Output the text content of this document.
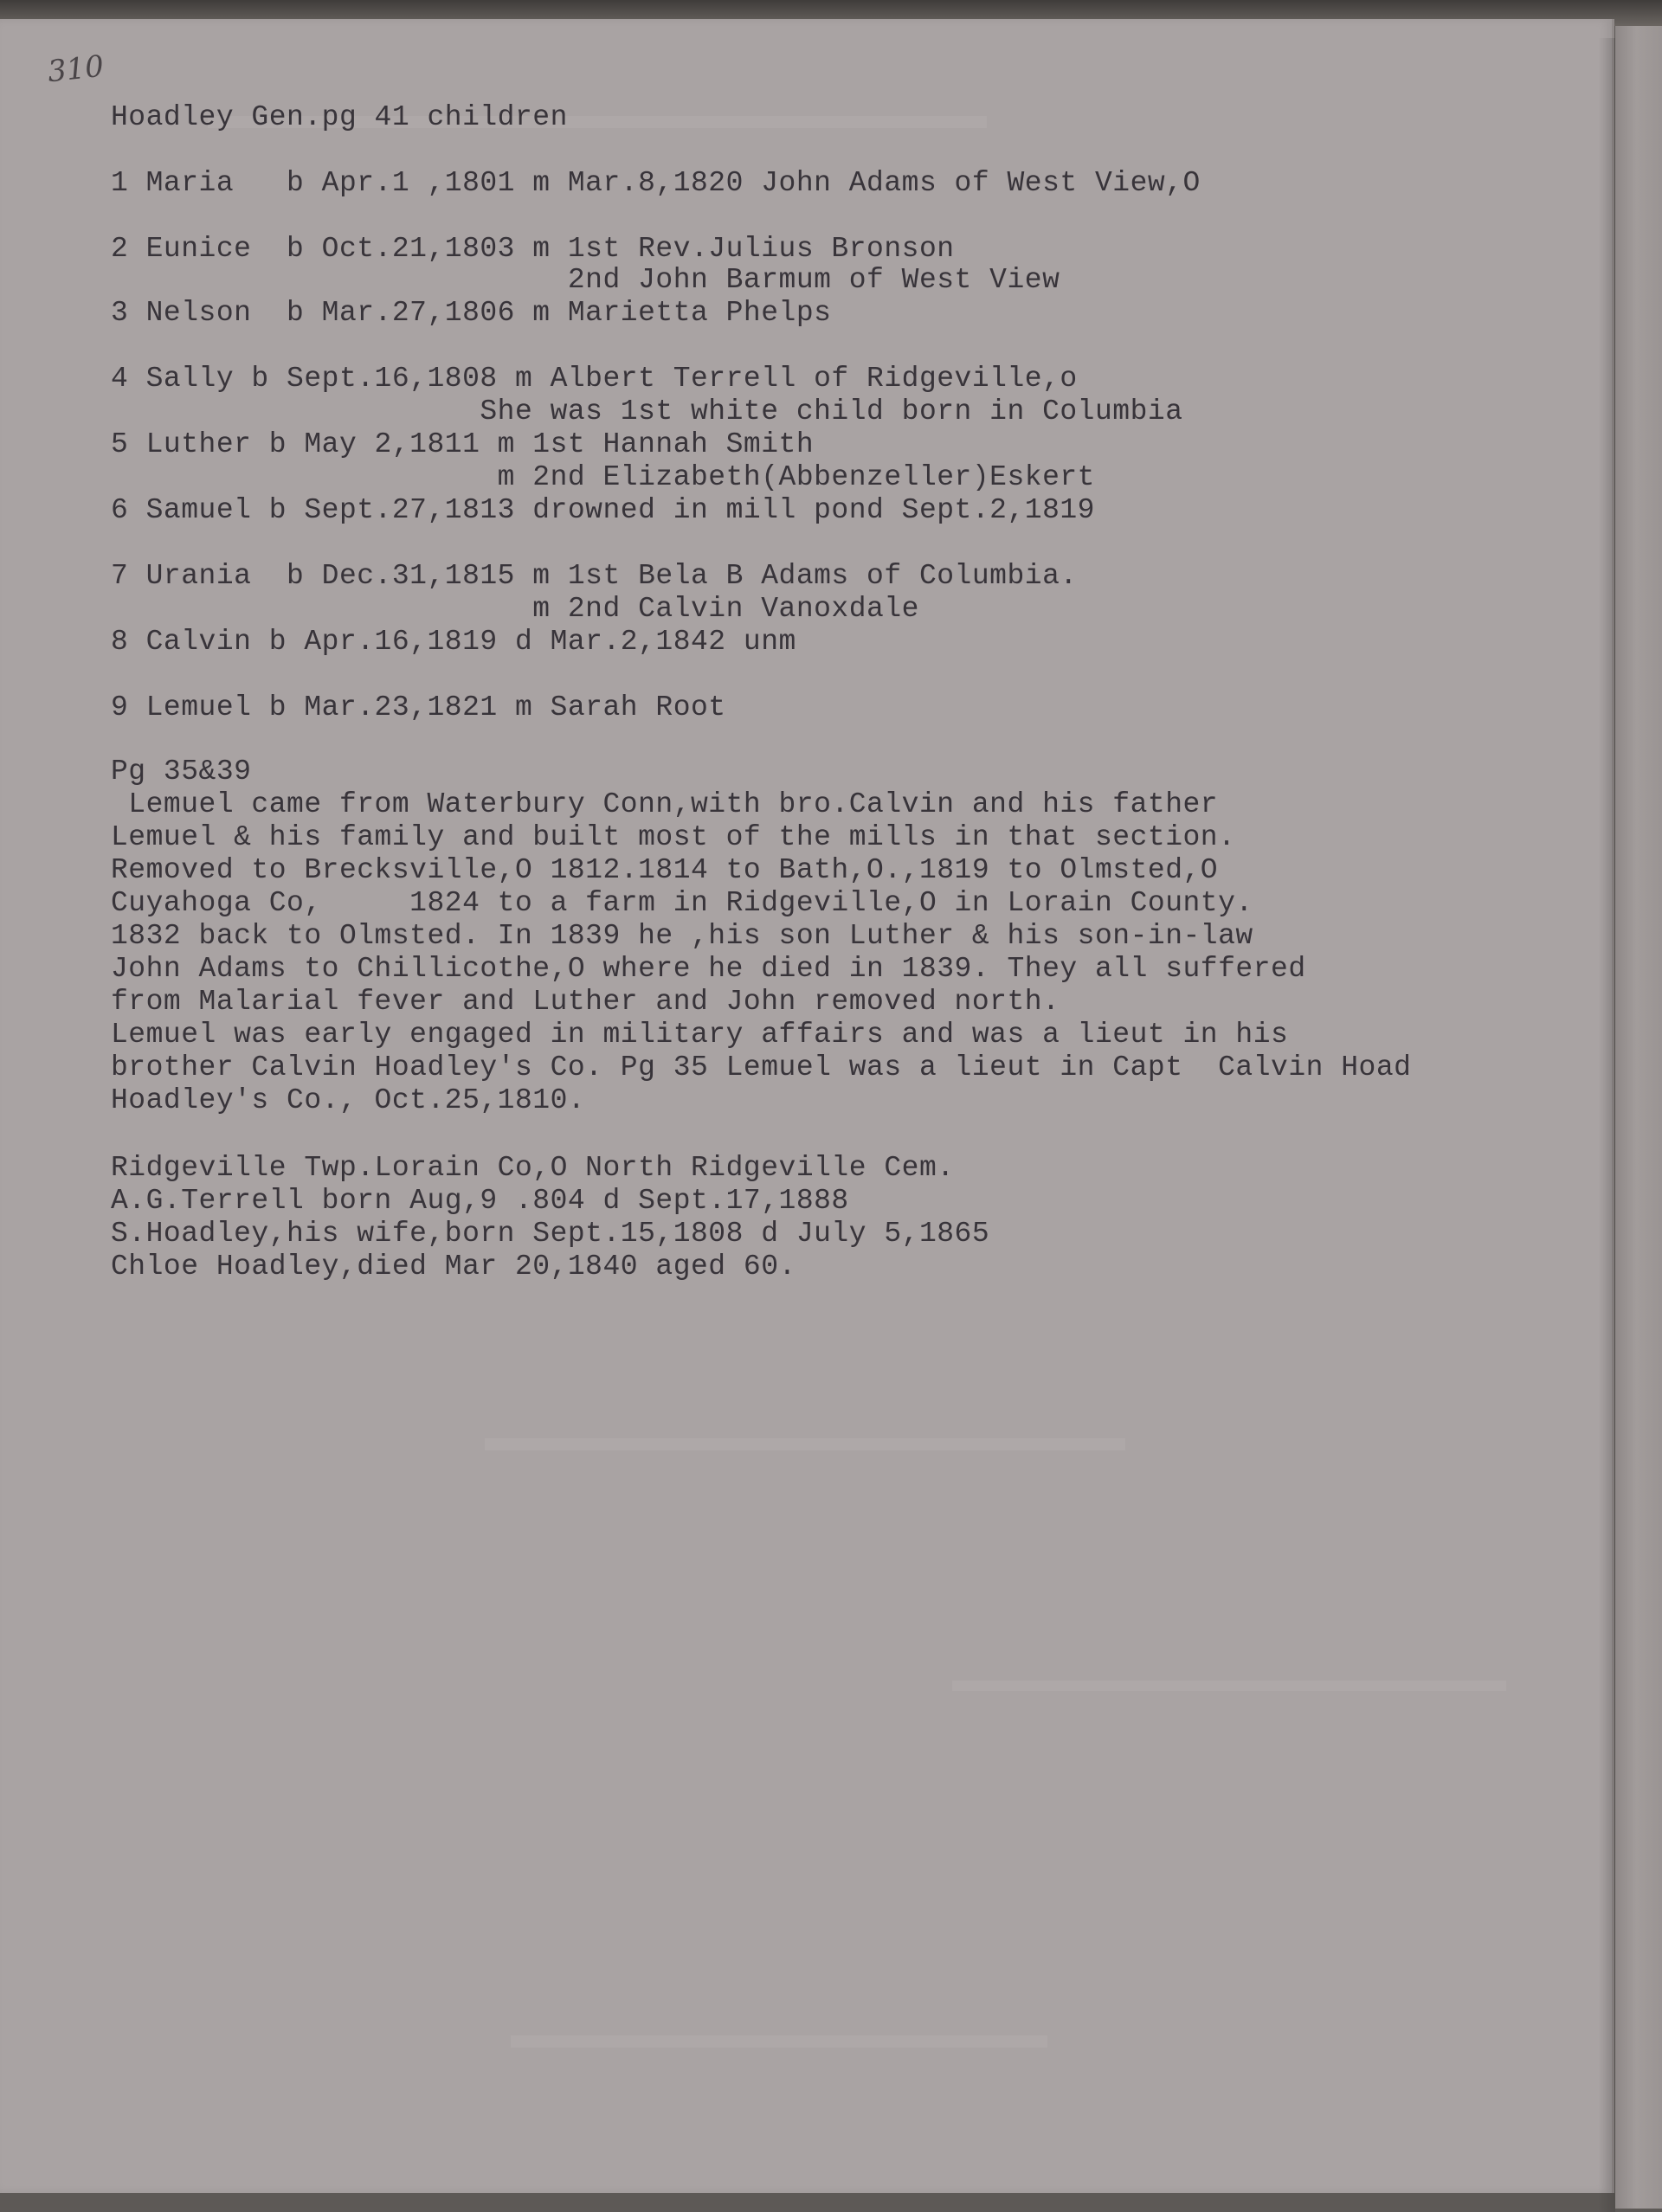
310
Hoadley Gen.pg 41 children
1 Maria   b Apr.1 ,1801 m Mar.8,1820 John Adams of West View,O
2 Eunice  b Oct.21,1803 m 1st Rev.Julius Bronson
2nd John Barmum of West View
3 Nelson  b Mar.27,1806 m Marietta Phelps
4 Sally b Sept.16,1808 m Albert Terrell of Ridgeville,o
She was 1st white child born in Columbia
5 Luther b May 2,1811 m 1st Hannah Smith
m 2nd Elizabeth(Abbenzeller)Eskert
6 Samuel b Sept.27,1813 drowned in mill pond Sept.2,1819
7 Urania  b Dec.31,1815 m 1st Bela B Adams of Columbia.
m 2nd Calvin Vanoxdale
8 Calvin b Apr.16,1819 d Mar.2,1842 unm
9 Lemuel b Mar.23,1821 m Sarah Root
Pg 35&39
Lemuel came from Waterbury Conn,with bro.Calvin and his father
Lemuel & his family and built most of the mills in that section.
Removed to Brecksville,O 1812.1814 to Bath,O.,1819 to Olmsted,O
Cuyahoga Co,     1824 to a farm in Ridgeville,O in Lorain County.
1832 back to Olmsted. In 1839 he ,his son Luther & his son-in-law
John Adams to Chillicothe,O where he died in 1839. They all suffered
from Malarial fever and Luther and John removed north.
Lemuel was early engaged in military affairs and was a lieut in his
brother Calvin Hoadley's Co. Pg 35 Lemuel was a lieut in Capt  Calvin Hoad
Hoadley's Co., Oct.25,1810.
Ridgeville Twp.Lorain Co,O North Ridgeville Cem.
A.G.Terrell born Aug,9 .804 d Sept.17,1888
S.Hoadley,his wife,born Sept.15,1808 d July 5,1865
Chloe Hoadley,died Mar 20,1840 aged 60.
